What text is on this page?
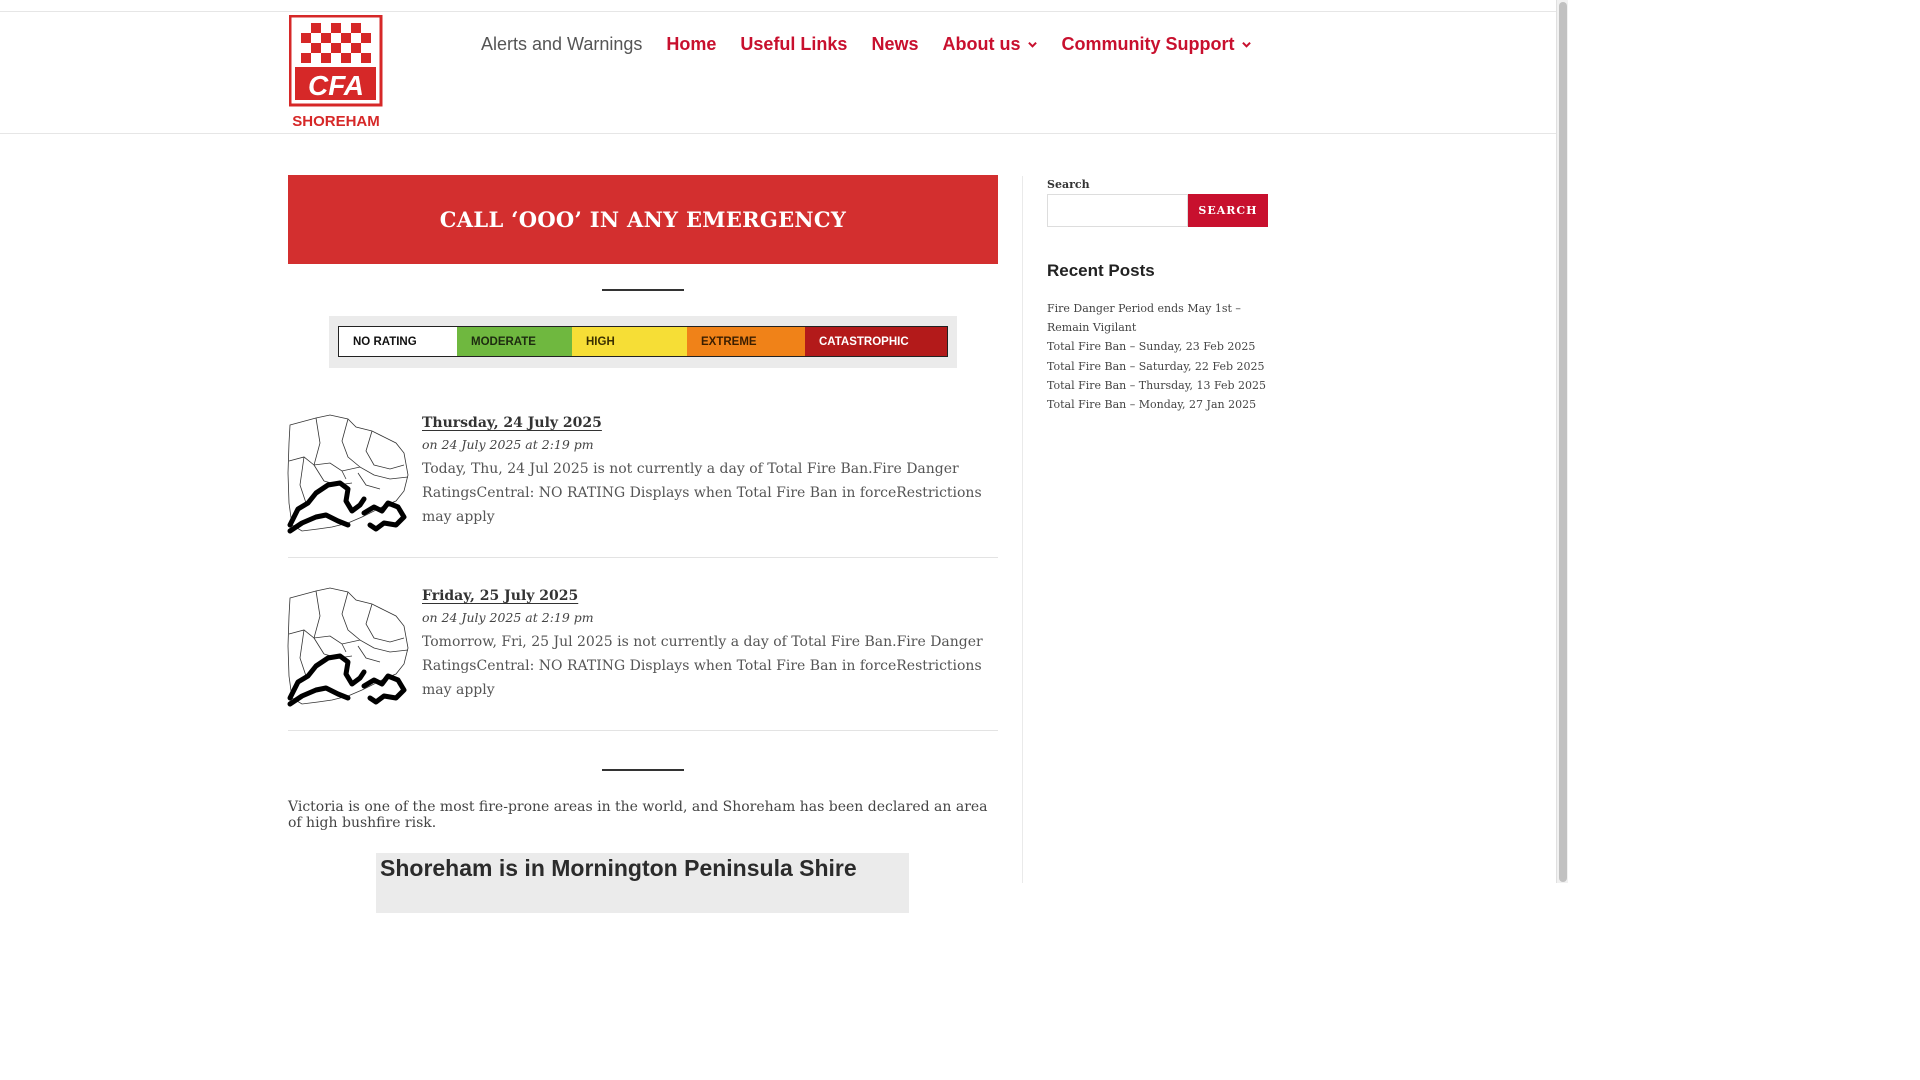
CFA
SHOREHAM
Alerts and Warnings Home Useful Links News About us Community Support
CALL ‘OOO’ IN ANY EMERGENCY
NO RATING	MODERATE	HIGH	EXTREME	CATASTROPHIC
Thursday, 24 July 2025
on 24 July 2025 at 2:19 pm
Today, Thu, 24 Jul 2025 is not currently a day of Total Fire Ban.Fire Danger RatingsCentral: NO RATING Displays when Total Fire Ban in forceRestrictions may apply
Friday, 25 July 2025
on 24 July 2025 at 2:19 pm
Tomorrow, Fri, 25 Jul 2025 is not currently a day of Total Fire Ban.Fire Danger RatingsCentral: NO RATING Displays when Total Fire Ban in forceRestrictions may apply

Victoria is one of the most fire-prone areas in the world, and Shoreham has been declared an area of high bushfire risk.

Shoreham is in Mornington Peninsula Shire
Search
SEARCH
Recent Posts
Fire Danger Period ends May 1st – Remain Vigilant
Total Fire Ban – Sunday, 23 Feb 2025
Total Fire Ban – Saturday, 22 Feb 2025
Total Fire Ban – Thursday, 13 Feb 2025
Total Fire Ban – Monday, 27 Jan 2025
